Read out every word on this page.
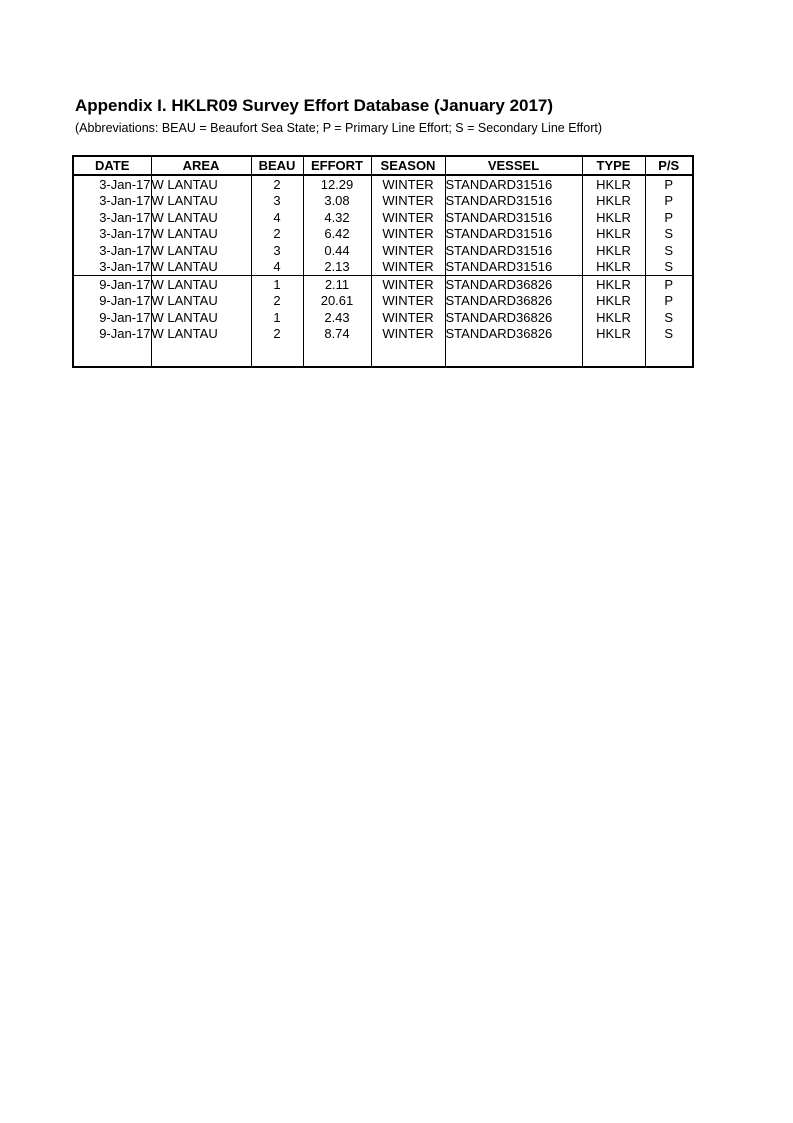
Appendix I. HKLR09 Survey Effort Database (January 2017)

(Abbreviations: BEAU = Beaufort Sea State; P = Primary Line Effort; S = Secondary Line Effort)

DATE	AREA	BEAU	EFFORT	SEASON	VESSEL	TYPE	P/S
3-Jan-17	W LANTAU	2	12.29	WINTER	STANDARD31516	HKLR	P
3-Jan-17	W LANTAU	3	3.08	WINTER	STANDARD31516	HKLR	P
3-Jan-17	W LANTAU	4	4.32	WINTER	STANDARD31516	HKLR	P
3-Jan-17	W LANTAU	2	6.42	WINTER	STANDARD31516	HKLR	S
3-Jan-17	W LANTAU	3	0.44	WINTER	STANDARD31516	HKLR	S
3-Jan-17	W LANTAU	4	2.13	WINTER	STANDARD31516	HKLR	S
9-Jan-17	W LANTAU	1	2.11	WINTER	STANDARD36826	HKLR	P
9-Jan-17	W LANTAU	2	20.61	WINTER	STANDARD36826	HKLR	P
9-Jan-17	W LANTAU	1	2.43	WINTER	STANDARD36826	HKLR	S
9-Jan-17	W LANTAU	2	8.74	WINTER	STANDARD36826	HKLR	S
